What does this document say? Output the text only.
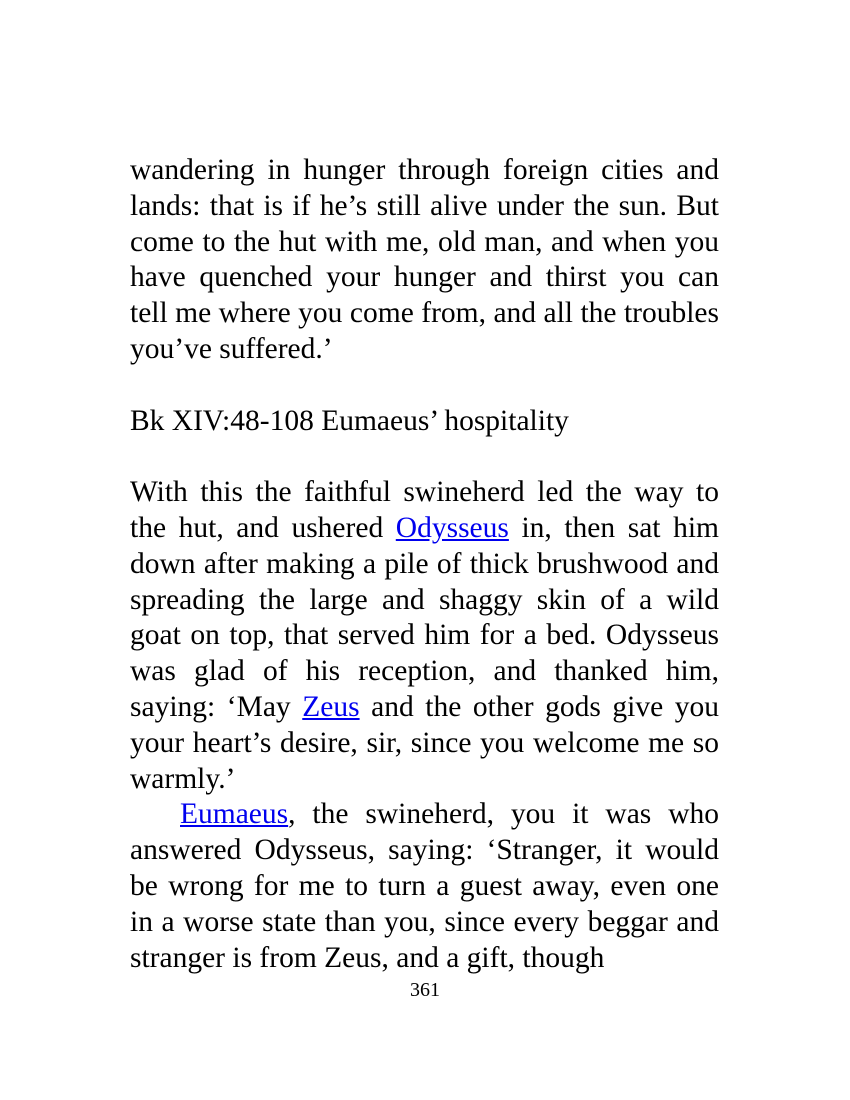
wandering in hunger through foreign cities and lands: that is if he’s still alive under the sun. But come to the hut with me, old man, and when you have quenched your hunger and thirst you can tell me where you come from, and all the troubles you’ve suffered.’

Bk XIV:48-108 Eumaeus’ hospitality

With this the faithful swineherd led the way to the hut, and ushered Odysseus in, then sat him down after making a pile of thick brushwood and spreading the large and shaggy skin of a wild goat on top, that served him for a bed. Odysseus was glad of his reception, and thanked him, saying: ‘May Zeus and the other gods give you your heart’s desire, sir, since you welcome me so warmly.’

Eumaeus, the swineherd, you it was who answered Odysseus, saying: ‘Stranger, it would be wrong for me to turn a guest away, even one in a worse state than you, since every beggar and stranger is from Zeus, and a gift, though

361
